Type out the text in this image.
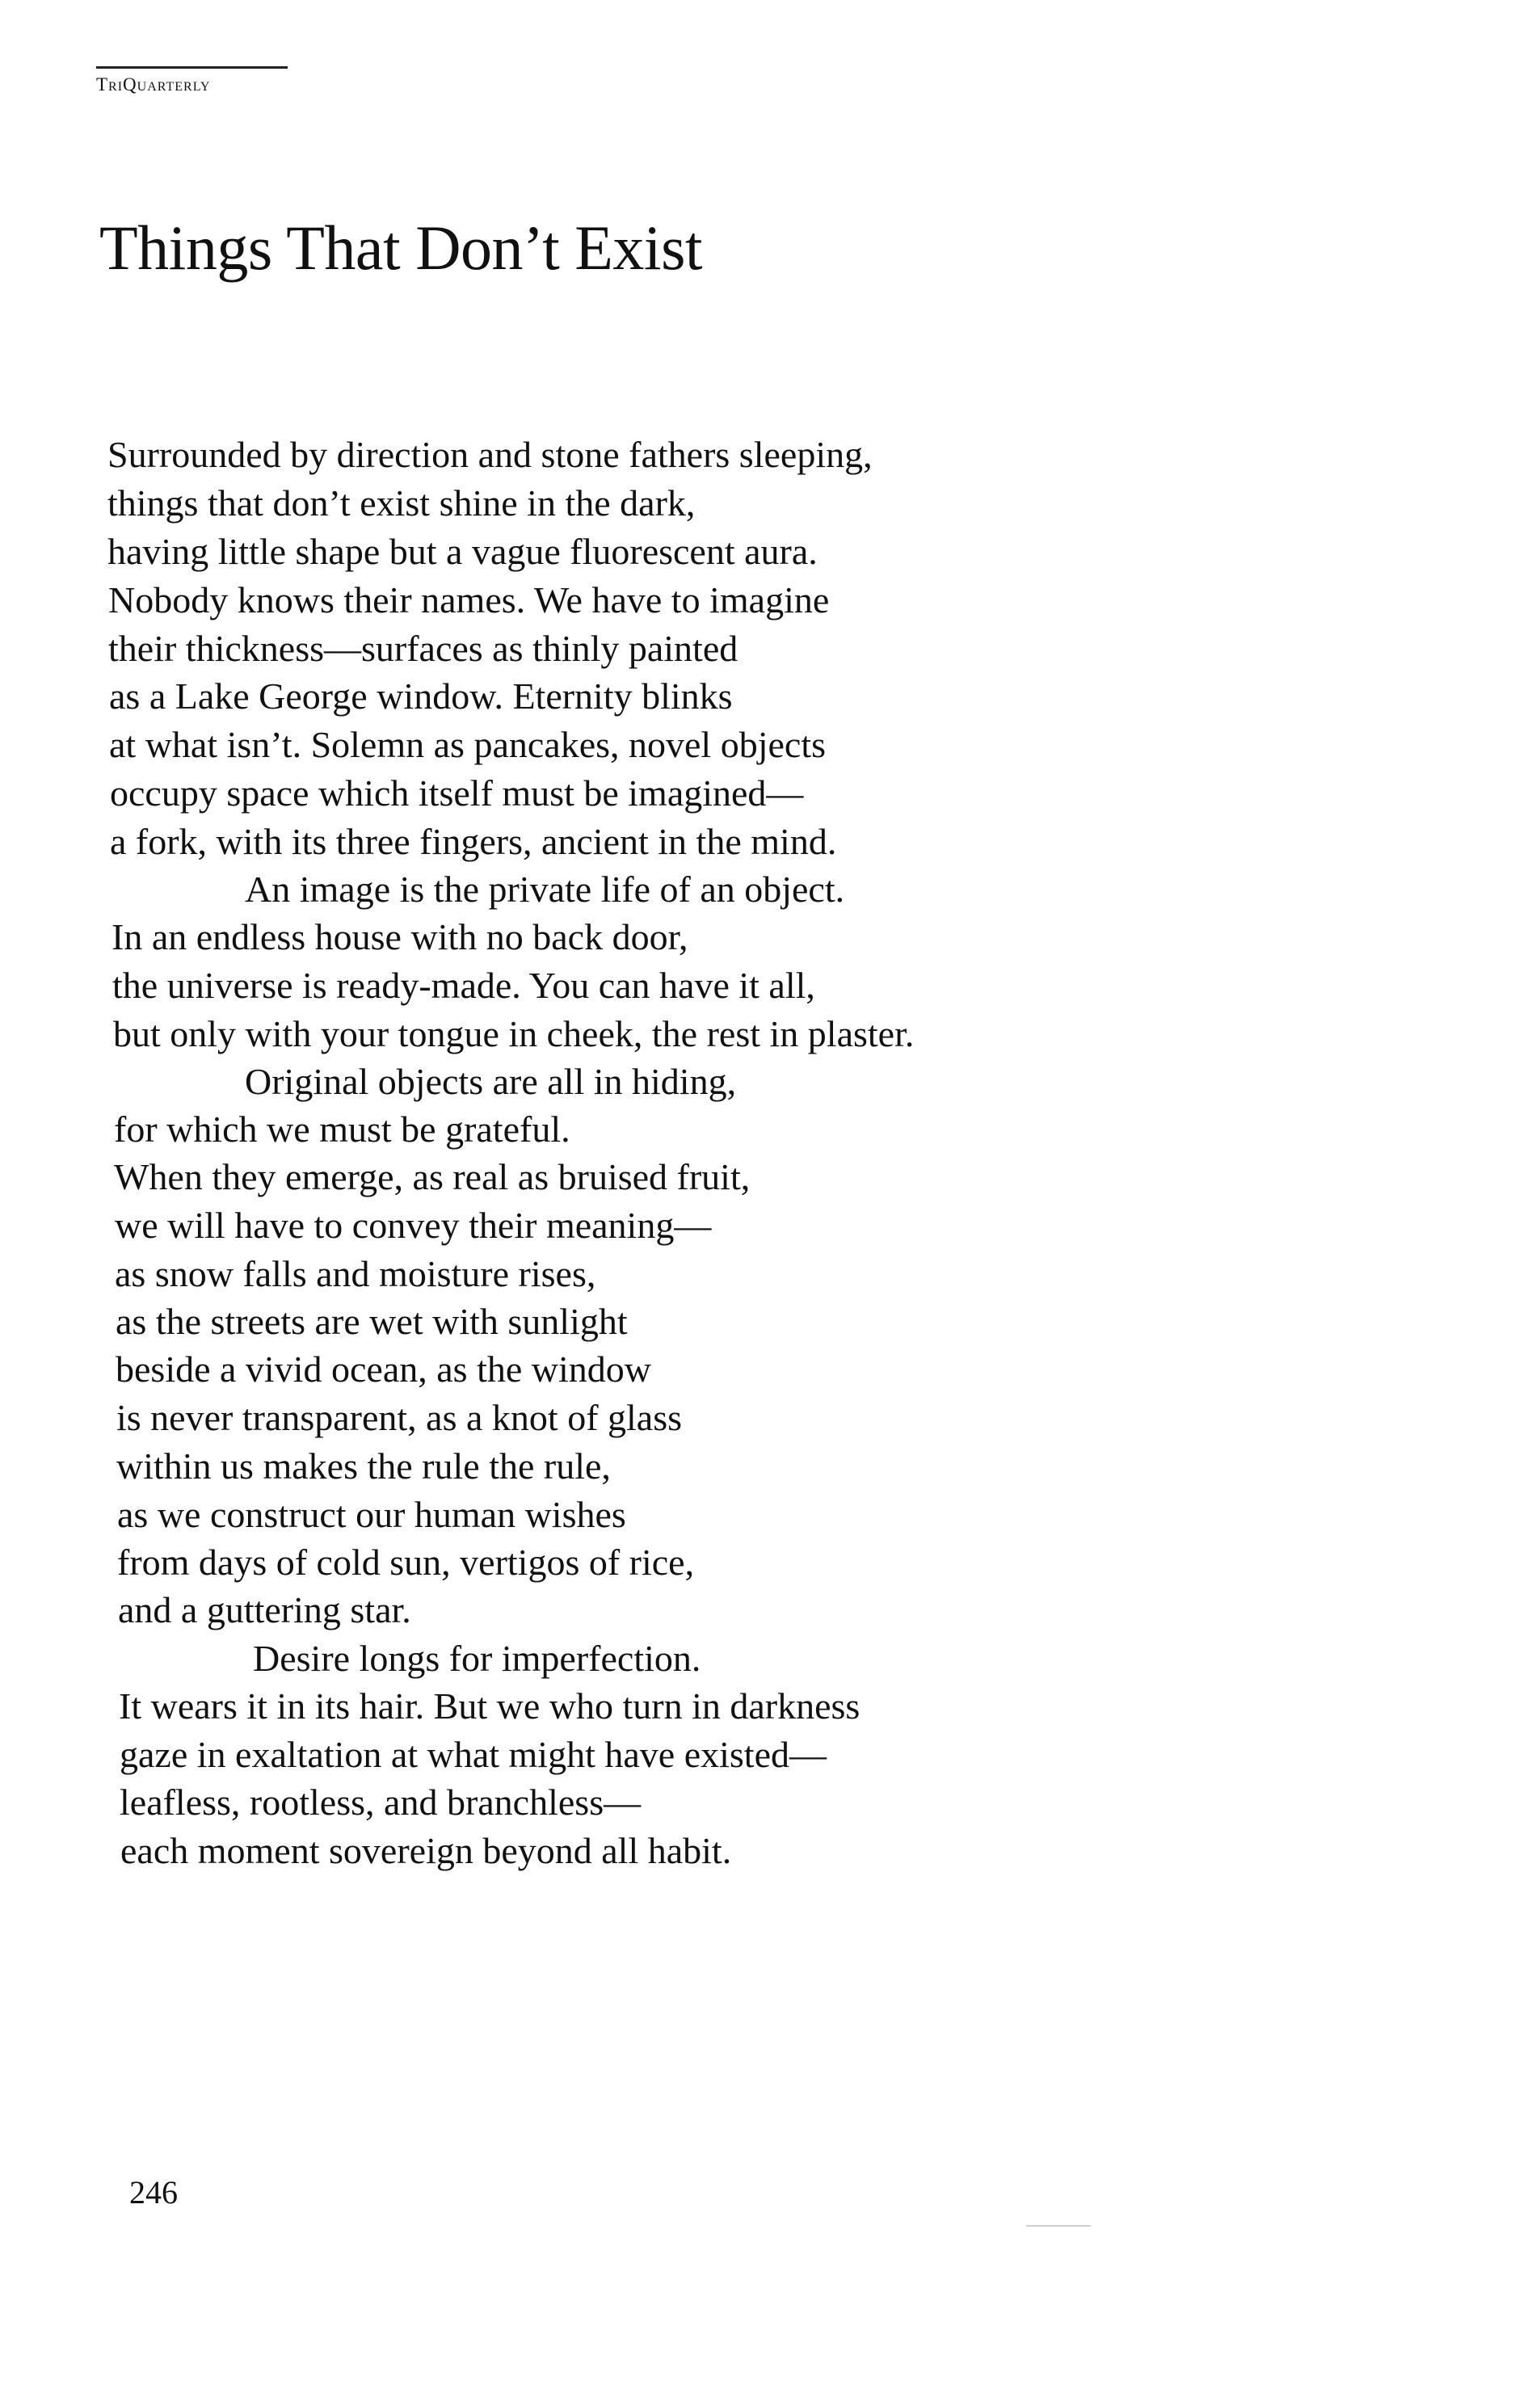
TriQuarterly
Things That Don’t Exist
Surrounded by direction and stone fathers sleeping,
things that don’t exist shine in the dark,
having little shape but a vague fluorescent aura.
Nobody knows their names. We have to imagine
their thickness—surfaces as thinly painted
as a Lake George window. Eternity blinks
at what isn’t. Solemn as pancakes, novel objects
occupy space which itself must be imagined—
a fork, with its three fingers, ancient in the mind.
An image is the private life of an object.
In an endless house with no back door,
the universe is ready-made. You can have it all,
but only with your tongue in cheek, the rest in plaster.
Original objects are all in hiding,
for which we must be grateful.
When they emerge, as real as bruised fruit,
we will have to convey their meaning—
as snow falls and moisture rises,
as the streets are wet with sunlight
beside a vivid ocean, as the window
is never transparent, as a knot of glass
within us makes the rule the rule,
as we construct our human wishes
from days of cold sun, vertigos of rice,
and a guttering star.
Desire longs for imperfection.
It wears it in its hair. But we who turn in darkness
gaze in exaltation at what might have existed—
leafless, rootless, and branchless—
each moment sovereign beyond all habit.
246
